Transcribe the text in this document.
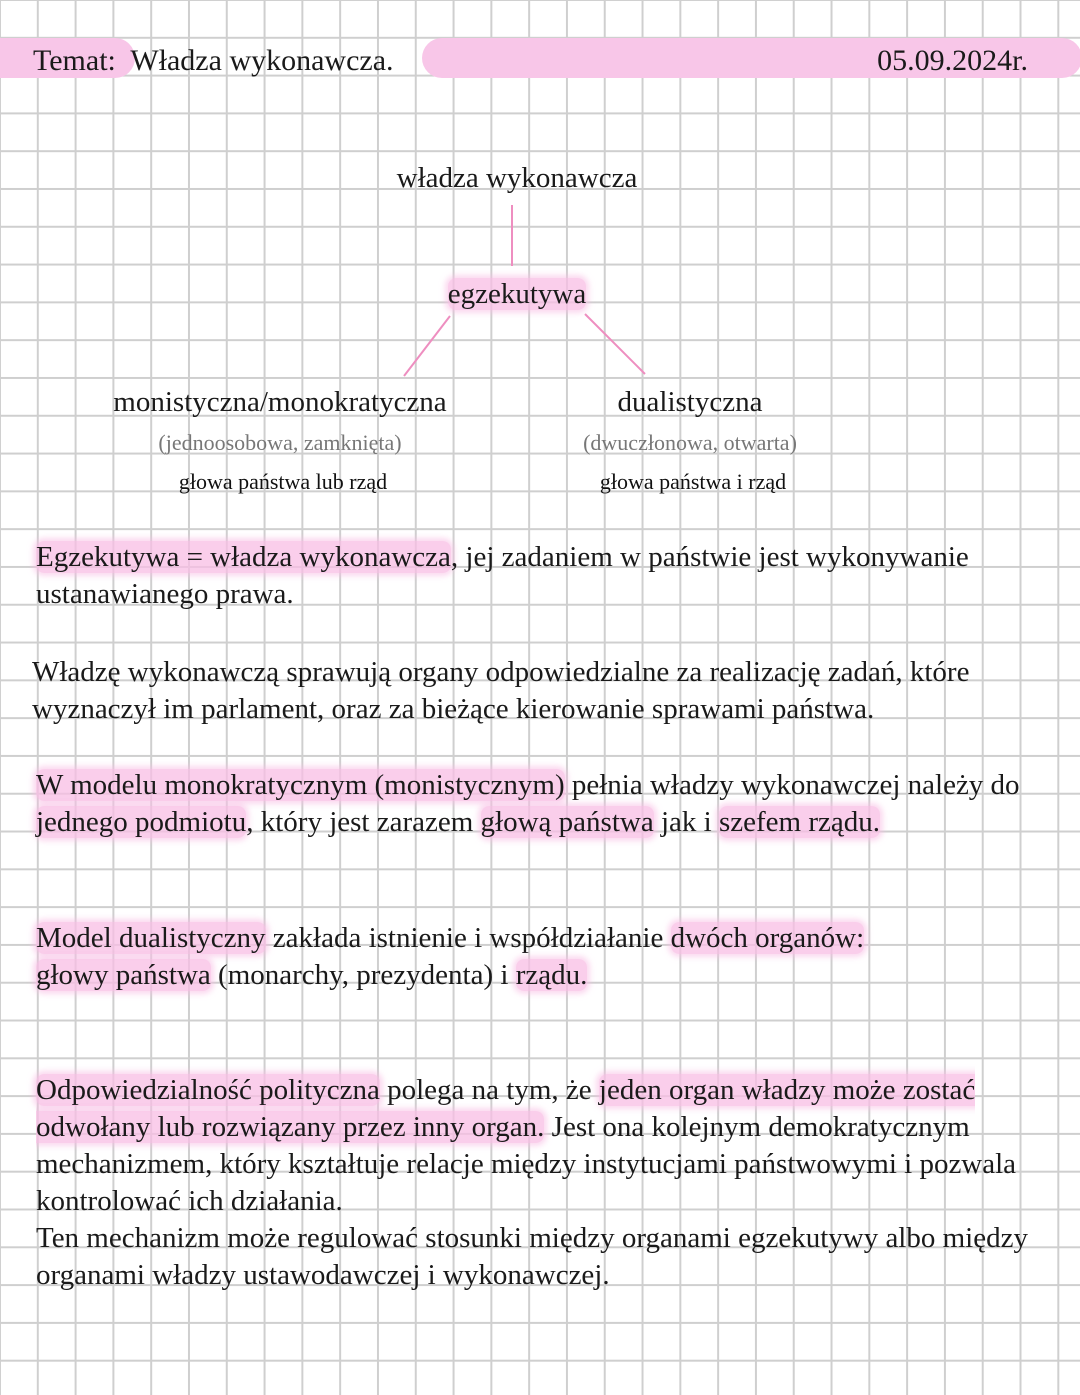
Temat: Władza wykonawcza.	05.09.2024r.
władza wykonawcza
egzekutywa
monistyczna/monokratyczna
(jednoosobowa, zamknięta)
głowa państwa lub rząd
dualistyczna
(dwuczłonowa, otwarta)
głowa państwa i rząd
Egzekutywa = władza wykonawcza, jej zadaniem w państwie jest wykonywanie ustanawianego prawa.
Władzę wykonawczą sprawują organy odpowiedzialne za realizację zadań, które wyznaczył im parlament, oraz za bieżące kierowanie sprawami państwa.
W modelu monokratycznym (monistycznym) pełnia władzy wykonawczej należy do jednego podmiotu, który jest zarazem głową państwa jak i szefem rządu.
Model dualistyczny zakłada istnienie i współdziałanie dwóch organów:
głowy państwa (monarchy, prezydenta) i rządu.
Odpowiedzialność polityczna polega na tym, że jeden organ władzy może zostać odwołany lub rozwiązany przez inny organ. Jest ona kolejnym demokratycznym mechanizmem, który kształtuje relacje między instytucjami państwowymi i pozwala kontrolować ich działania.
Ten mechanizm może regulować stosunki między organami egzekutywy albo między organami władzy ustawodawczej i wykonawczej.
